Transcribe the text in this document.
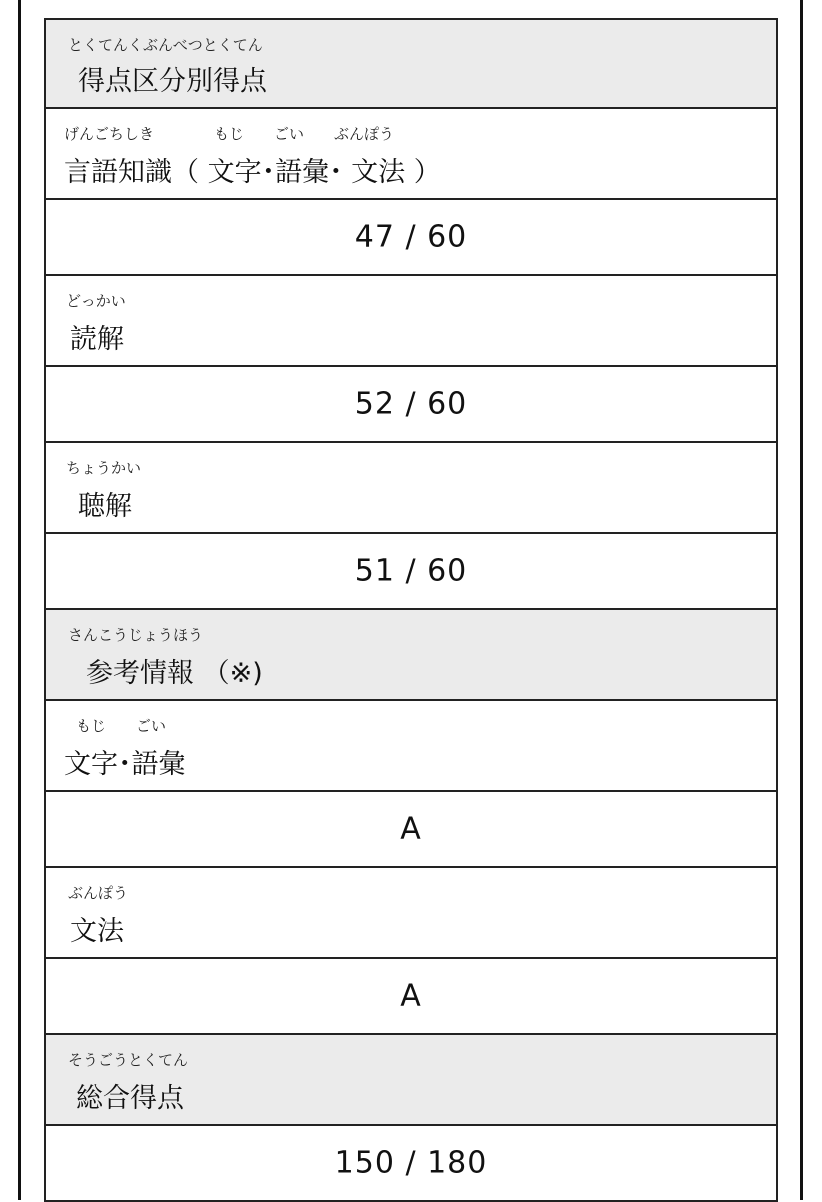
とくてんくぶんべつとくてん
得点区分別得点
げんごちしき　　　　もじ　　ごい　　ぶんぽう
言語知識（ 文字･語彙･ 文法 ）
47 / 60
どっかい
読解
52 / 60
ちょうかい
聴解
51 / 60
さんこうじょうほう
参考情報 （※)
もじ　　ごい
文字･語彙
A
ぶんぽう
文法
A
そうごうとくてん
総合得点
150 / 180
